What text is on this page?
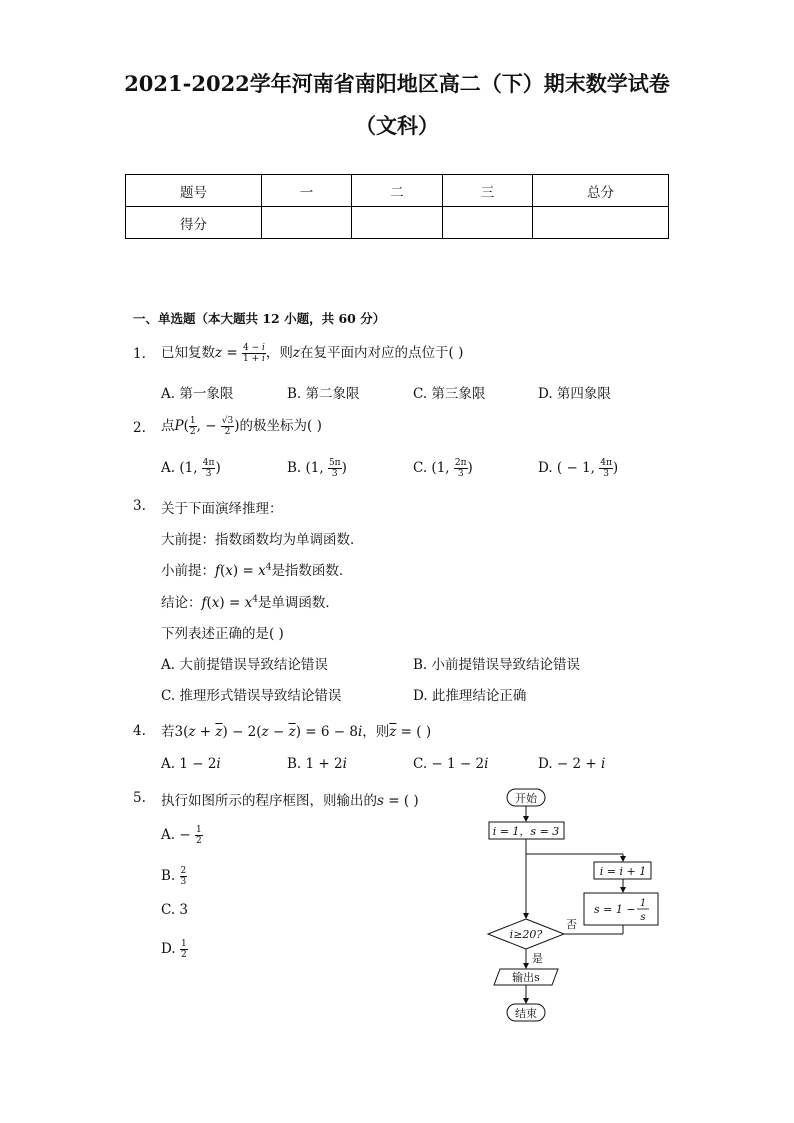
2021-2022学年河南省南阳地区高二（下）期末数学试卷
（文科）
题号	一	二	三	总分
得分				
一、单选题（本大题共 12 小题，共 60 分）
1. 已知复数$z = \frac{4 - i}{1 + i}$ ，则z在复平面内对应的点位于( )
A. 第一象限	B. 第二象限	C. 第三象限	D. 第四象限
2. 点$P( \frac{1}{2}$ , − $\frac{√3}{2}$ )的极坐标为( )
A. (1, $\frac{4\pi}{3}$ )	B. (1, $\frac{5\pi}{3}$ )	C. (1, $\frac{2\pi}{3}$ )	D. ( − 1, $\frac{4\pi}{3}$ )
3. 关于下面演绎推理：
大前提：指数函数均为单调函数．
小前提：$f(x) = x^4$是指数函数．
结论：$f(x) = x^4$是单调函数．
下列表述正确的是( )
A. 大前提错误导致结论错误	B. 小前提错误导致结论错误
C. 推理形式错误导致结论错误	D. 此推理结论正确
4. 若$3(z + \overline{z}) - 2(z - \overline{z}) = 6 - 8i$，则$\overline{z}$ = ( )
A. 1 − 2i	B. 1 + 2i	C. − 1 − 2i	D. − 2 + i
5. 执行如图所示的程序框图，则输出的s = ( )
A. − $\frac{1}{2}$
B. $\frac{2}{3}$
C. 3
D. $\frac{1}{2}$
开始
i = 1，s = 3
i = i + 1
s = 1 − 1
s
i≥20?
否
是
输出s
结束
